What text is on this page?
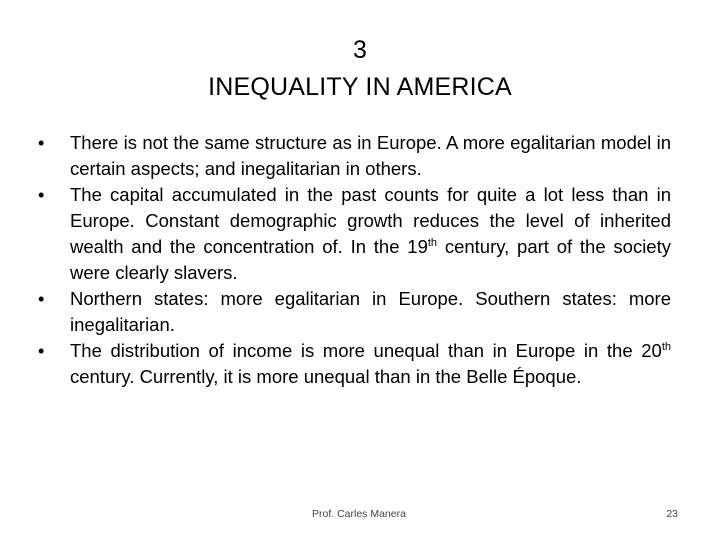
3
INEQUALITY IN AMERICA
• There is not the same structure as in Europe. A more egalitarian model in certain aspects; and inegalitarian in others.
• The capital accumulated in the past counts for quite a lot less than in Europe. Constant demographic growth reduces the level of inherited wealth and the concentration of. In the 19th century, part of the society were clearly slavers.
• Northern states: more egalitarian in Europe. Southern states: more inegalitarian.
• The distribution of income is more unequal than in Europe in the 20th century. Currently, it is more unequal than in the Belle Époque.
Prof. Carles Manera	23
